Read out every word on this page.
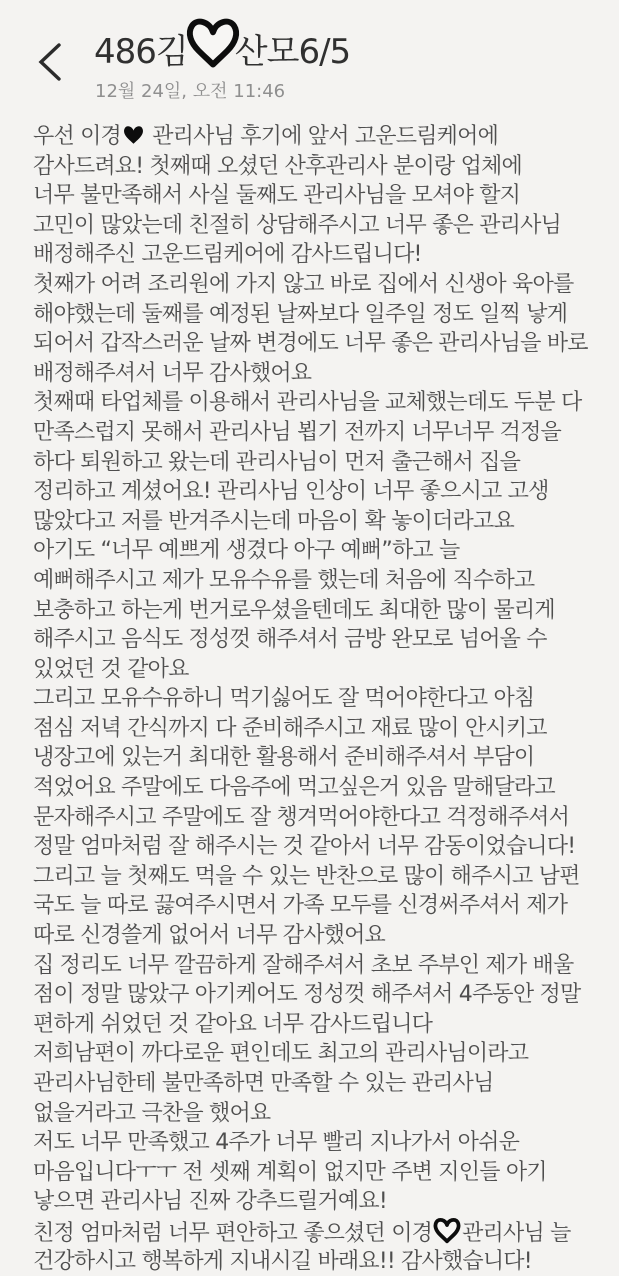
486김 산모6/5
12월 24일, 오전 11:46
우선 이경 관리사님 후기에 앞서 고운드림케어에
감사드려요! 첫째때 오셨던 산후관리사 분이랑 업체에
너무 불만족해서 사실 둘째도 관리사님을 모셔야 할지
고민이 많았는데 친절히 상담해주시고 너무 좋은 관리사님
배정해주신 고운드림케어에 감사드립니다!
첫째가 어려 조리원에 가지 않고 바로 집에서 신생아 육아를
해야했는데 둘째를 예정된 날짜보다 일주일 정도 일찍 낳게
되어서 갑작스러운 날짜 변경에도 너무 좋은 관리사님을 바로
배정해주셔서 너무 감사했어요
첫째때 타업체를 이용해서 관리사님을 교체했는데도 두분 다
만족스럽지 못해서 관리사님 뵙기 전까지 너무너무 걱정을
하다 퇴원하고 왔는데 관리사님이 먼저 출근해서 집을
정리하고 계셨어요! 관리사님 인상이 너무 좋으시고 고생
많았다고 저를 반겨주시는데 마음이 확 놓이더라고요
아기도 “너무 예쁘게 생겼다 아구 예뻐”하고 늘
예뻐해주시고 제가 모유수유를 했는데 처음에 직수하고
보충하고 하는게 번거로우셨을텐데도 최대한 많이 물리게
해주시고 음식도 정성껏 해주셔서 금방 완모로 넘어올 수
있었던 것 같아요
그리고 모유수유하니 먹기싫어도 잘 먹어야한다고 아침
점심 저녁 간식까지 다 준비해주시고 재료 많이 안시키고
냉장고에 있는거 최대한 활용해서 준비해주셔서 부담이
적었어요 주말에도 다음주에 먹고싶은거 있음 말해달라고
문자해주시고 주말에도 잘 챙겨먹어야한다고 걱정해주셔서
정말 엄마처럼 잘 해주시는 것 같아서 너무 감동이었습니다!
그리고 늘 첫째도 먹을 수 있는 반찬으로 많이 해주시고 남편
국도 늘 따로 끓여주시면서 가족 모두를 신경써주셔서 제가
따로 신경쓸게 없어서 너무 감사했어요
집 정리도 너무 깔끔하게 잘해주셔서 초보 주부인 제가 배울
점이 정말 많았구 아기케어도 정성껏 해주셔서 4주동안 정말
편하게 쉬었던 것 같아요 너무 감사드립니다
저희남편이 까다로운 편인데도 최고의 관리사님이라고
관리사님한테 불만족하면 만족할 수 있는 관리사님
없을거라고 극찬을 했어요
저도 너무 만족했고 4주가 너무 빨리 지나가서 아쉬운
마음입니다ㅜㅜ 전 셋째 계획이 없지만 주변 지인들 아기
낳으면 관리사님 진짜 강추드릴거예요!
친정 엄마처럼 너무 편안하고 좋으셨던 이경 관리사님 늘
건강하시고 행복하게 지내시길 바래요!! 감사했습니다!
